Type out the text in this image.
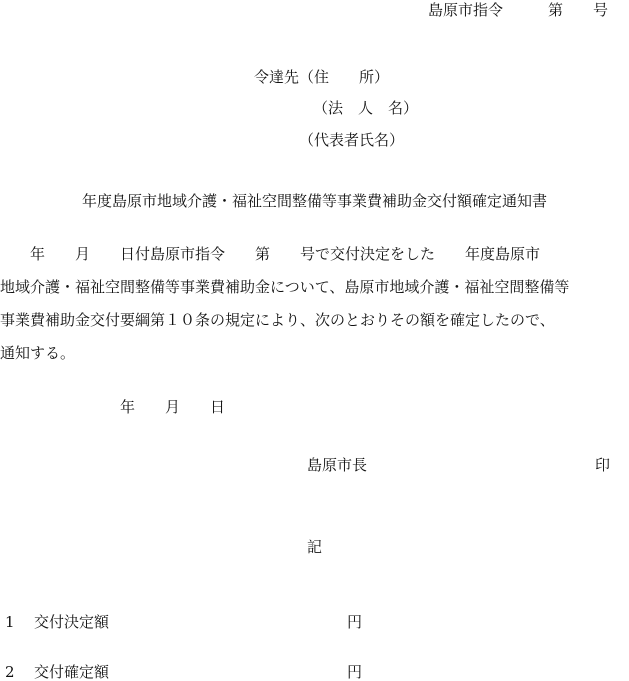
島原市指令　　　第　　号
令達先（住　　所）
（法　人　名）
（代表者氏名）
年度島原市地域介護・福祉空間整備等事業費補助金交付額確定通知書
　　年　　月　　日付島原市指令　　第　　号で交付決定をした　　年度島原市
地域介護・福祉空間整備等事業費補助金について、島原市地域介護・福祉空間整備等
事業費補助金交付要綱第１０条の規定により、次のとおりその額を確定したので、
通知する。
年　　月　　日
島原市長	印
記
1 交付決定額	円
2 交付確定額	円
